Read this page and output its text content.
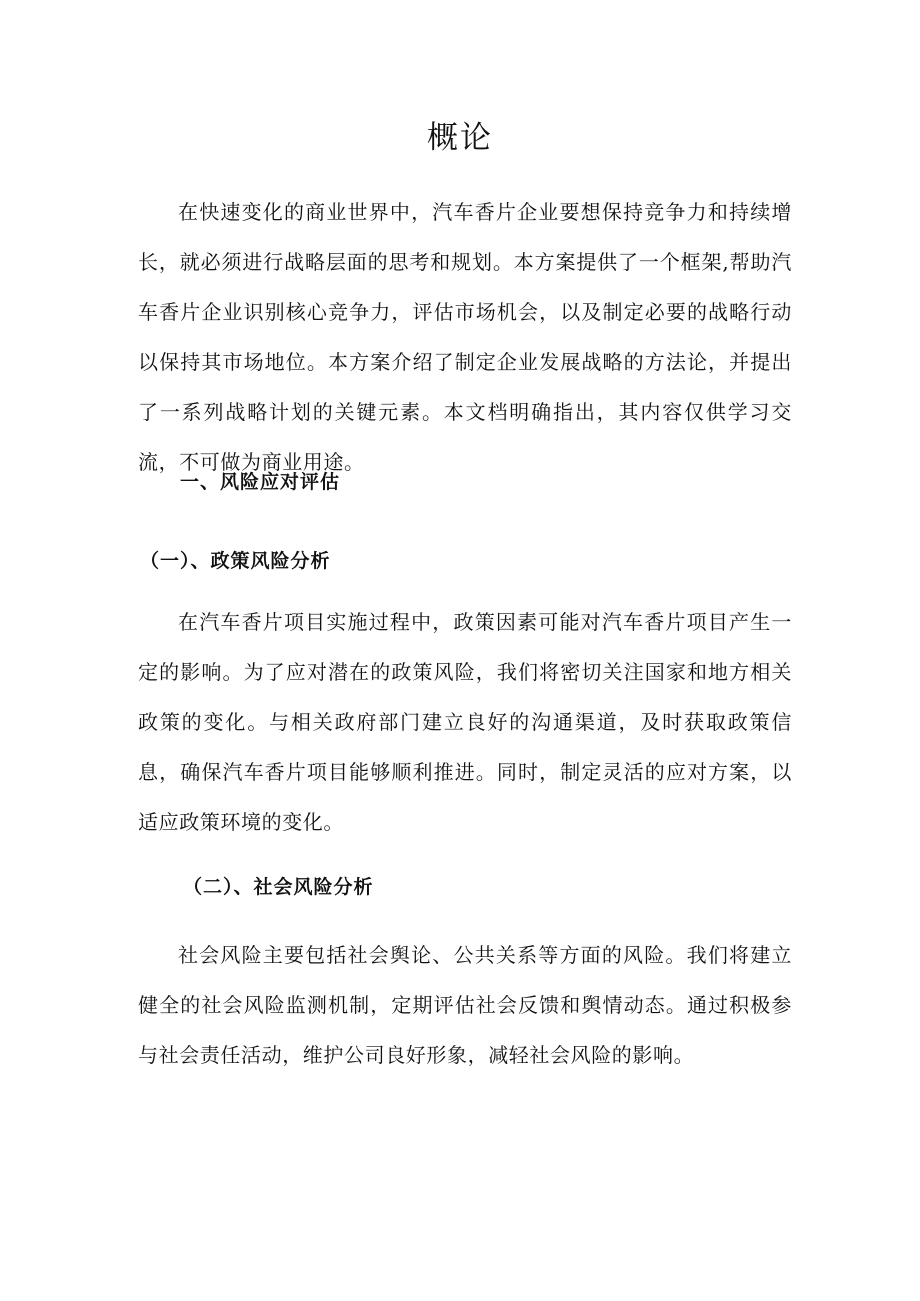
概论

在快速变化的商业世界中，汽车香片企业要想保持竞争力和持续增长，就必须进行战略层面的思考和规划。本方案提供了一个框架,帮助汽车香片企业识别核心竞争力，评估市场机会，以及制定必要的战略行动以保持其市场地位。本方案介绍了制定企业发展战略的方法论，并提出了一系列战略计划的关键元素。本文档明确指出，其内容仅供学习交流，不可做为商业用途。

一、风险应对评估
（一）、政策风险分析

在汽车香片项目实施过程中，政策因素可能对汽车香片项目产生一定的影响。为了应对潜在的政策风险，我们将密切关注国家和地方相关政策的变化。与相关政府部门建立良好的沟通渠道，及时获取政策信息，确保汽车香片项目能够顺利推进。同时，制定灵活的应对方案，以适应政策环境的变化。

（二）、社会风险分析

社会风险主要包括社会舆论、公共关系等方面的风险。我们将建立健全的社会风险监测机制，定期评估社会反馈和舆情动态。通过积极参与社会责任活动，维护公司良好形象，减轻社会风险的影响。
